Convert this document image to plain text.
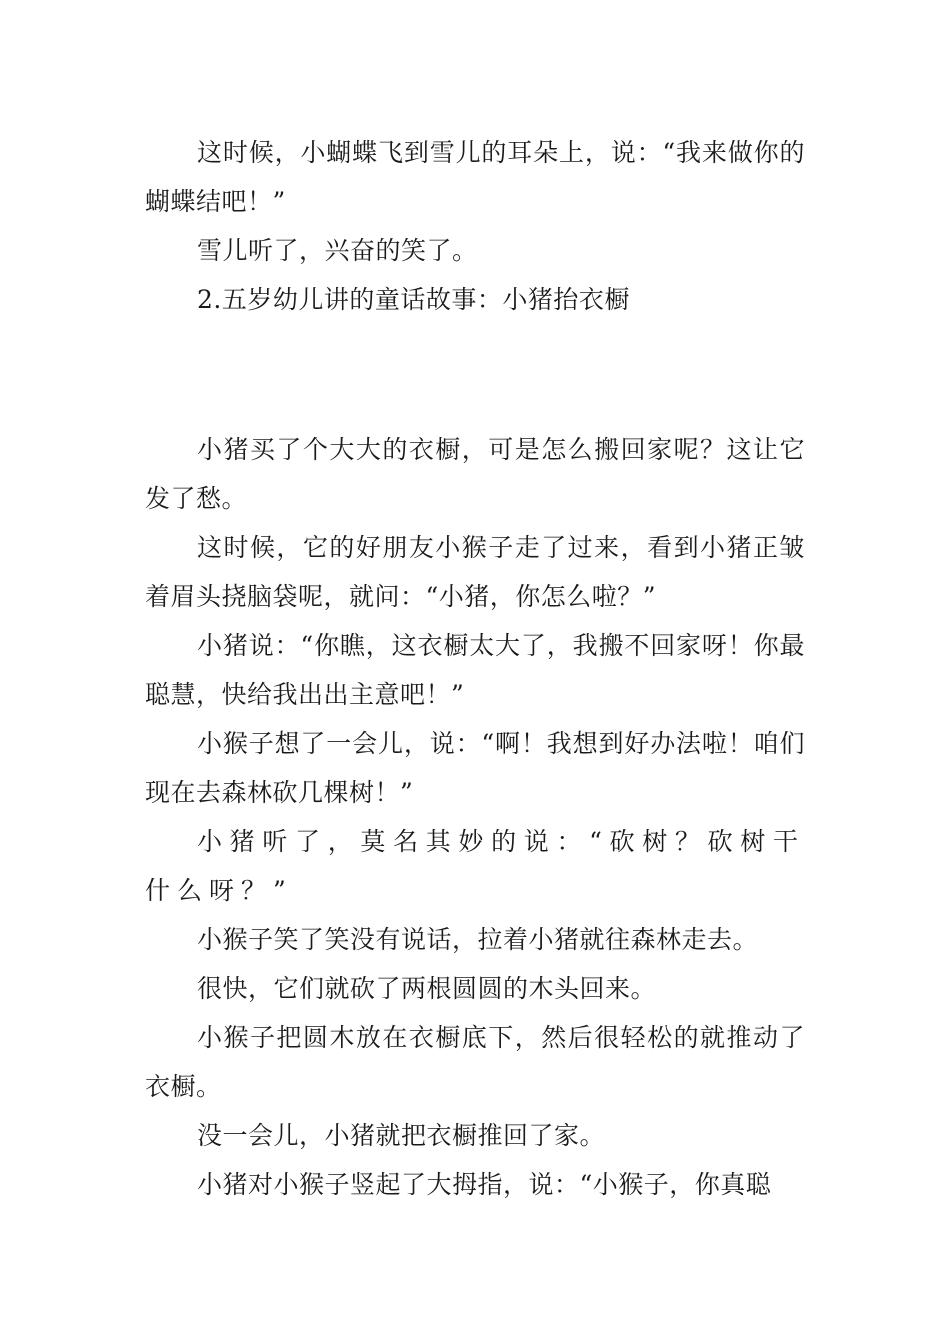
这时候，小蝴蝶飞到雪儿的耳朵上，说：“我来做你的蝴蝶结吧！”

雪儿听了，兴奋的笑了。

2.五岁幼儿讲的童话故事：小猪抬衣橱

小猪买了个大大的衣橱，可是怎么搬回家呢？这让它发了愁。

这时候，它的好朋友小猴子走了过来，看到小猪正皱着眉头挠脑袋呢，就问：“小猪，你怎么啦？”

小猪说：“你瞧，这衣橱太大了，我搬不回家呀！你最聪慧，快给我出出主意吧！”

小猴子想了一会儿，说：“啊！我想到好办法啦！咱们现在去森林砍几棵树！”

小猪听了，莫名其妙的说：“砍树？砍树干什么呀？”

小猴子笑了笑没有说话，拉着小猪就往森林走去。

很快，它们就砍了两根圆圆的木头回来。

小猴子把圆木放在衣橱底下，然后很轻松的就推动了衣橱。

没一会儿，小猪就把衣橱推回了家。

小猪对小猴子竖起了大拇指，说：“小猴子，你真聪
